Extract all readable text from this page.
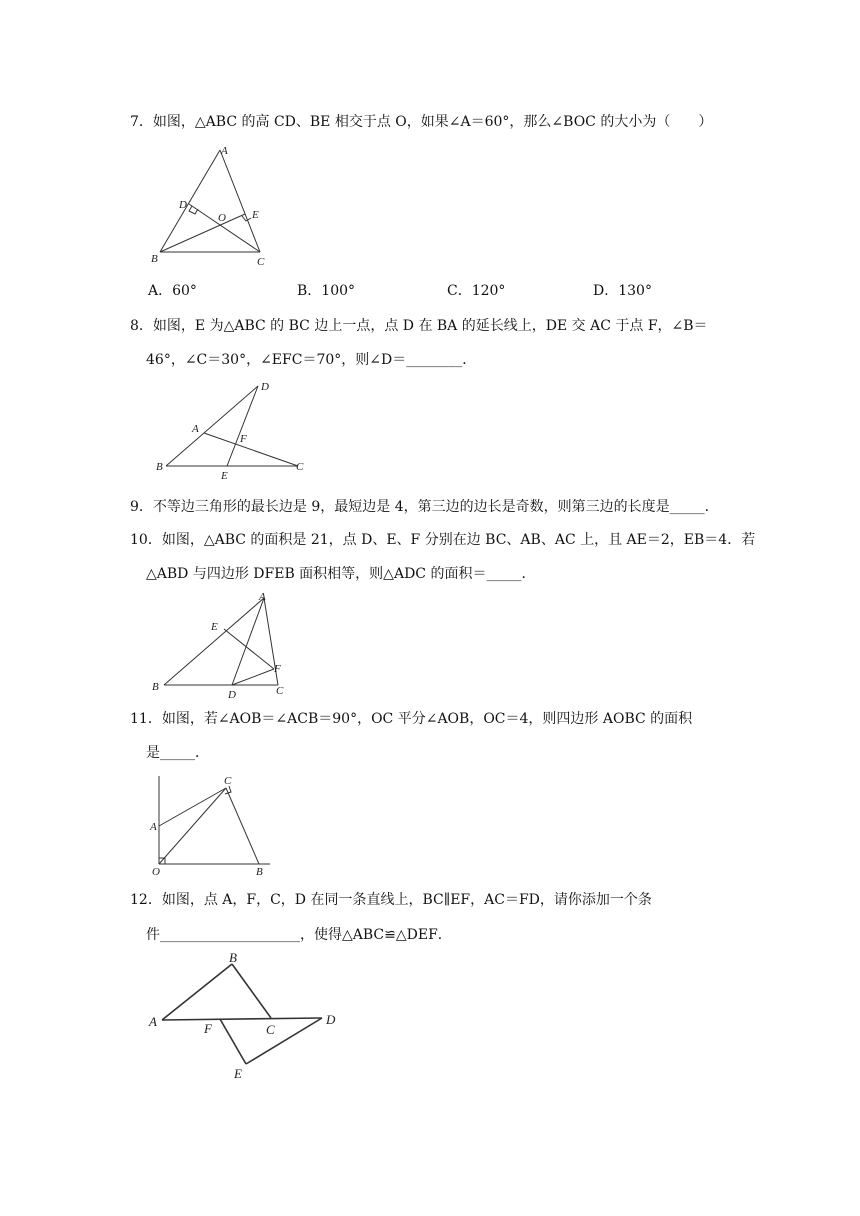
7．如图，△ABC 的高 CD、BE 相交于点 O，如果∠A＝60°，那么∠BOC 的大小为（　　）
A
B	C
D
E
O
A．60°	B．100°	C．120°	D．130°
8．如图，E 为△ABC 的 BC 边上一点，点 D 在 BA 的延长线上，DE 交 AC 于点 F，∠B＝
46°，∠C＝30°，∠EFC＝70°，则∠D＝________．
D
A
F
B
E
C
9．不等边三角形的最长边是 9，最短边是 4，第三边的边长是奇数，则第三边的长度是_____．
10．如图，△ABC 的面积是 21，点 D、E、F 分别在边 BC、AB、AC 上，且 AE＝2，EB＝4．若
△ABD 与四边形 DFEB 面积相等，则△ADC 的面积＝_____．
A
E
F
B
D	C
11．如图，若∠AOB＝∠ACB＝90°，OC 平分∠AOB，OC＝4，则四边形 AOBC 的面积
是_____．
C
A
O	B
12．如图，点 A，F，C，D 在同一条直线上，BC∥EF，AC＝FD，请你添加一个条
件____________________，使得△ABC≌△DEF．
B
A	F	C
D
E
